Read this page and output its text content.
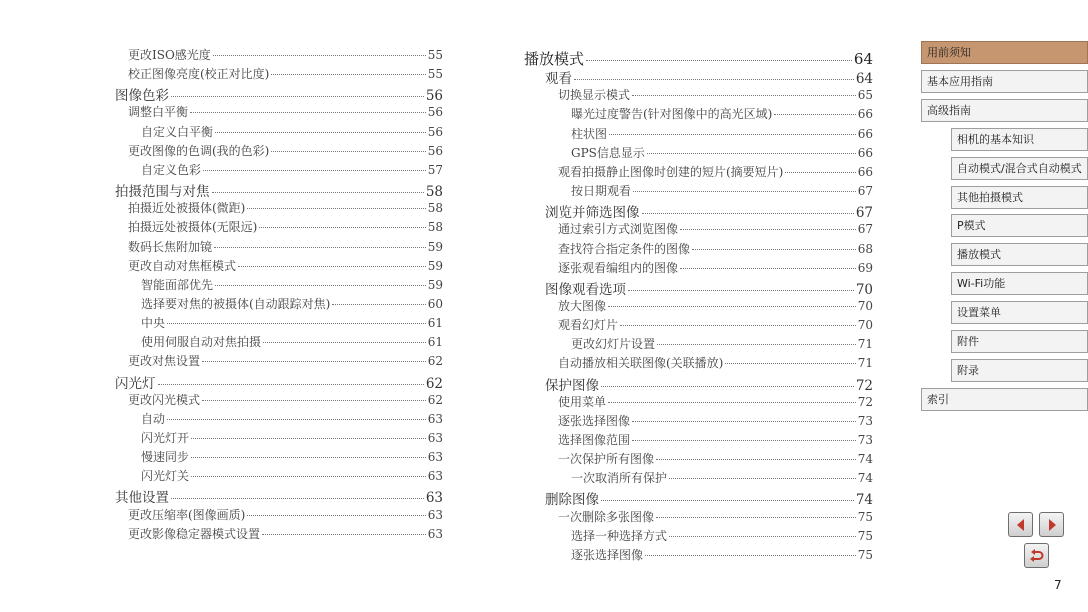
更改ISO感光度	55
校正图像亮度(校正对比度)	55
图像色彩	56
调整白平衡	56
自定义白平衡	56
更改图像的色调(我的色彩)	56
自定义色彩	57
拍摄范围与对焦	58
拍摄近处被摄体(微距)	58
拍摄远处被摄体(无限远)	58
数码长焦附加镜	59
更改自动对焦框模式	59
智能面部优先	59
选择要对焦的被摄体(自动跟踪对焦)	60
中央	61
使用伺服自动对焦拍摄	61
更改对焦设置	62
闪光灯	62
更改闪光模式	62
自动	63
闪光灯开	63
慢速同步	63
闪光灯关	63
其他设置	63
更改压缩率(图像画质)	63
更改影像稳定器模式设置	63
播放模式	64
观看	64
切换显示模式	65
曝光过度警告(针对图像中的高光区域)	66
柱状图	66
GPS信息显示	66
观看拍摄静止图像时创建的短片(摘要短片)	66
按日期观看	67
浏览并筛选图像	67
通过索引方式浏览图像	67
查找符合指定条件的图像	68
逐张观看编组内的图像	69
图像观看选项	70
放大图像	70
观看幻灯片	70
更改幻灯片设置	71
自动播放相关联图像(关联播放)	71
保护图像	72
使用菜单	72
逐张选择图像	73
选择图像范围	73
一次保护所有图像	74
一次取消所有保护	74
删除图像	74
一次删除多张图像	75
选择一种选择方式	75
逐张选择图像	75
用前须知
基本应用指南
高级指南
相机的基本知识
自动模式/混合式自动模式
其他拍摄模式
P模式
播放模式
Wi-Fi功能
设置菜单
附件
附录
索引
7
